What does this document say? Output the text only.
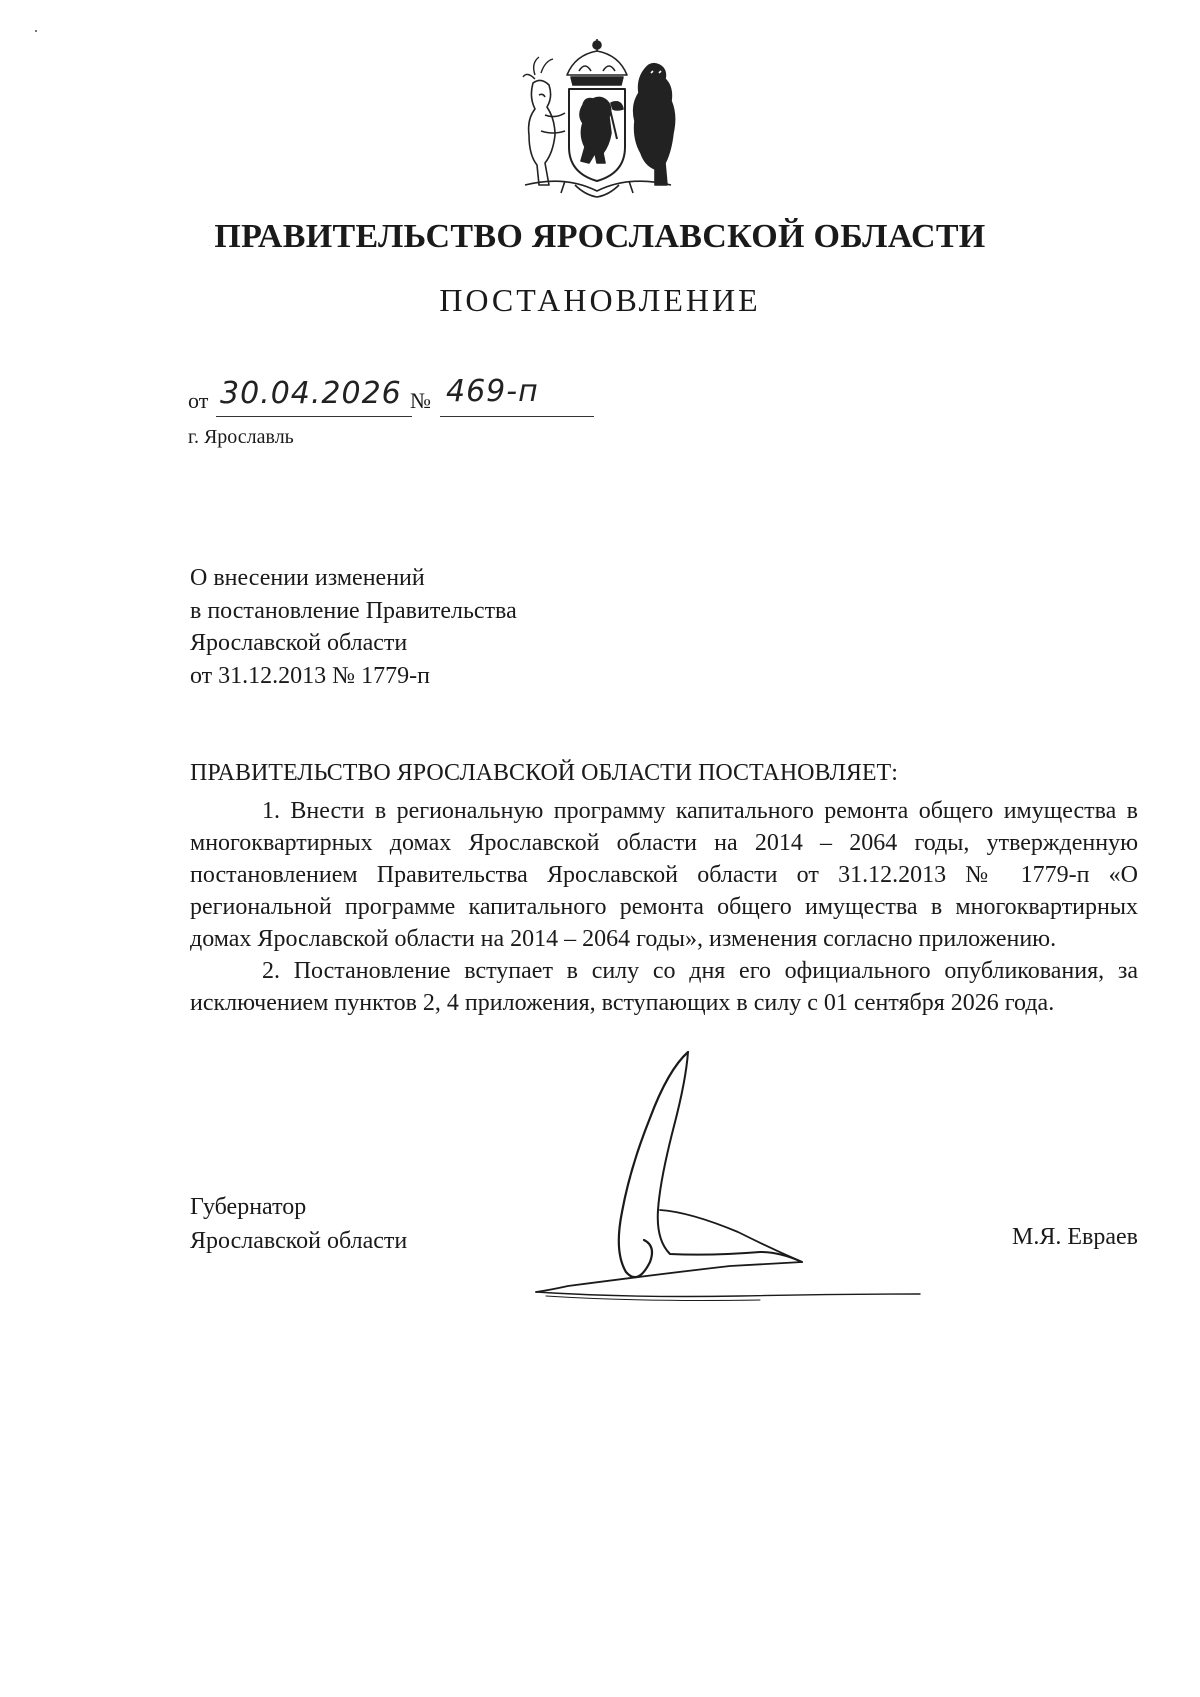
ПРАВИТЕЛЬСТВО ЯРОСЛАВСКОЙ ОБЛАСТИ
ПОСТАНОВЛЕНИЕ
от 30.04.2026 № 469-п
г. Ярославль
О внесении изменений
в постановление Правительства
Ярославской области
от 31.12.2013 № 1779-п
ПРАВИТЕЛЬСТВО ЯРОСЛАВСКОЙ ОБЛАСТИ ПОСТАНОВЛЯЕТ:

1. Внести в региональную программу капитального ремонта общего имущества в многоквартирных домах Ярославской области на 2014 – 2064 годы, утвержденную постановлением Правительства Ярославской области от 31.12.2013 № 1779-п «О региональной программе капитального ремонта общего имущества в многоквартирных домах Ярославской области на 2014 – 2064 годы», изменения согласно приложению.

2. Постановление вступает в силу со дня его официального опубликования, за исключением пунктов 2, 4 приложения, вступающих в силу с 01 сентября 2026 года.

Губернатор
Ярославской области	М.Я. Евраев
